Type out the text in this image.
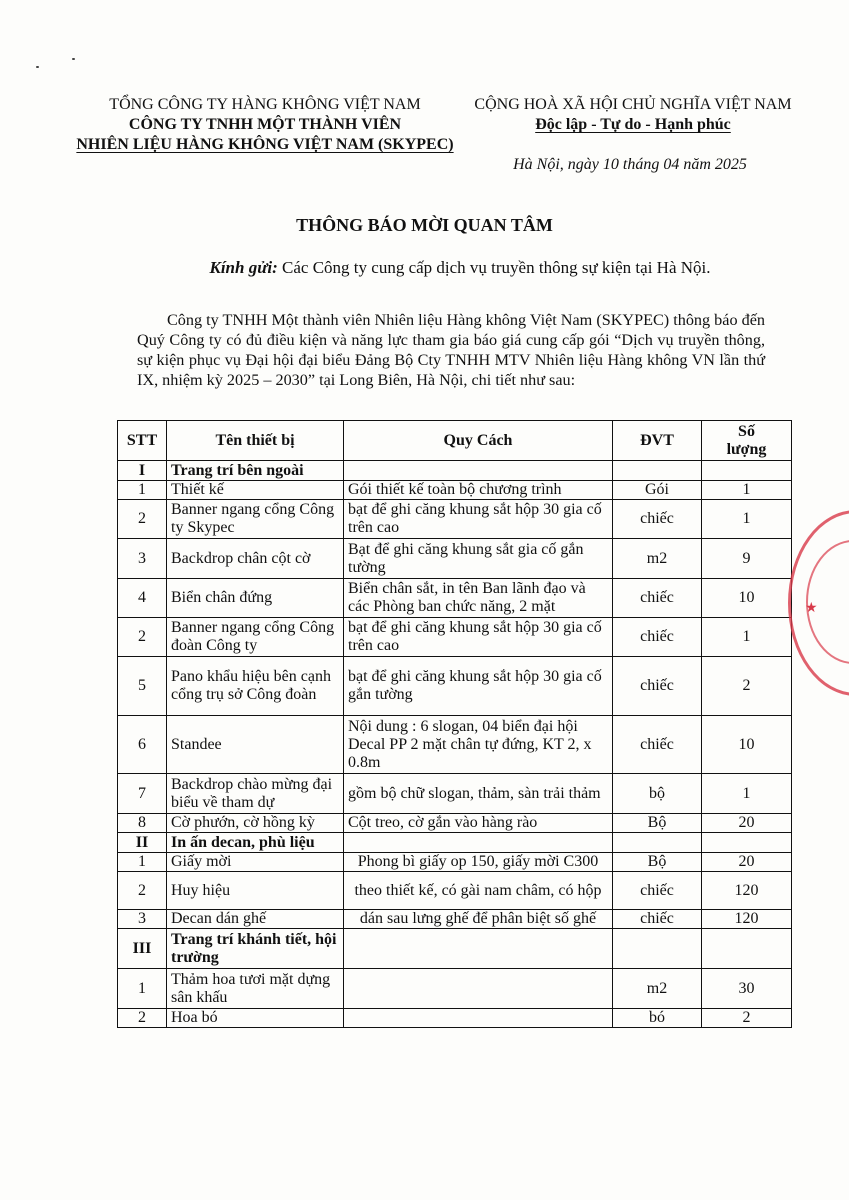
TỔNG CÔNG TY HÀNG KHÔNG VIỆT NAM
CÔNG TY TNHH MỘT THÀNH VIÊN
NHIÊN LIỆU HÀNG KHÔNG VIỆT NAM (SKYPEC)
CỘNG HOÀ XÃ HỘI CHỦ NGHĨA VIỆT NAM
Độc lập - Tự do - Hạnh phúc
Hà Nội, ngày 10 tháng 04 năm 2025
THÔNG BÁO MỜI QUAN TÂM
Kính gửi: Các Công ty cung cấp dịch vụ truyền thông sự kiện tại Hà Nội.
Công ty TNHH Một thành viên Nhiên liệu Hàng không Việt Nam (SKYPEC) thông báo đến Quý Công ty có đủ điều kiện và năng lực tham gia báo giá cung cấp gói “Dịch vụ truyền thông, sự kiện phục vụ Đại hội đại biểu Đảng Bộ Cty TNHH MTV Nhiên liệu Hàng không VN lần thứ IX, nhiệm kỳ 2025 – 2030” tại Long Biên, Hà Nội, chi tiết như sau:
STT	Tên thiết bị	Quy Cách	ĐVT	Số lượng
I	Trang trí bên ngoài			
1	Thiết kế	Gói thiết kế toàn bộ chương trình	Gói	1
2	Banner ngang cổng Công ty Skypec	bạt để ghi căng khung sắt hộp 30 gia cố trên cao	chiếc	1
3	Backdrop chân cột cờ	Bạt để ghi căng khung sắt gia cố gắn tường	m2	9
4	Biển chân đứng	Biển chân sắt, in tên Ban lãnh đạo và các Phòng ban chức năng, 2 mặt	chiếc	10
2	Banner ngang cổng Công đoàn Công ty	bạt để ghi căng khung sắt hộp 30 gia cố trên cao	chiếc	1
5	Pano khẩu hiệu bên cạnh cổng trụ sở Công đoàn	bạt để ghi căng khung sắt hộp 30 gia cố gắn tường	chiếc	2
6	Standee	Nội dung : 6 slogan, 04 biển đại hội Decal PP 2 mặt chân tự đứng, KT 2, x 0.8m	chiếc	10
7	Backdrop chào mừng đại biểu về tham dự	gồm bộ chữ slogan, thảm, sàn trải thảm	bộ	1
8	Cờ phướn, cờ hồng kỳ	Cột treo, cờ gắn vào hàng rào	Bộ	20
II	In ấn decan, phù liệu			
1	Giấy mời	Phong bì giấy op 150, giấy mời C300	Bộ	20
2	Huy hiệu	theo thiết kế, có gài nam châm, có hộp	chiếc	120
3	Decan dán ghế	dán sau lưng ghế để phân biệt số ghế	chiếc	120
III	Trang trí khánh tiết, hội trường			
1	Thảm hoa tươi mặt dựng sân khấu		m2	30
2	Hoa bó		bó	2
★
